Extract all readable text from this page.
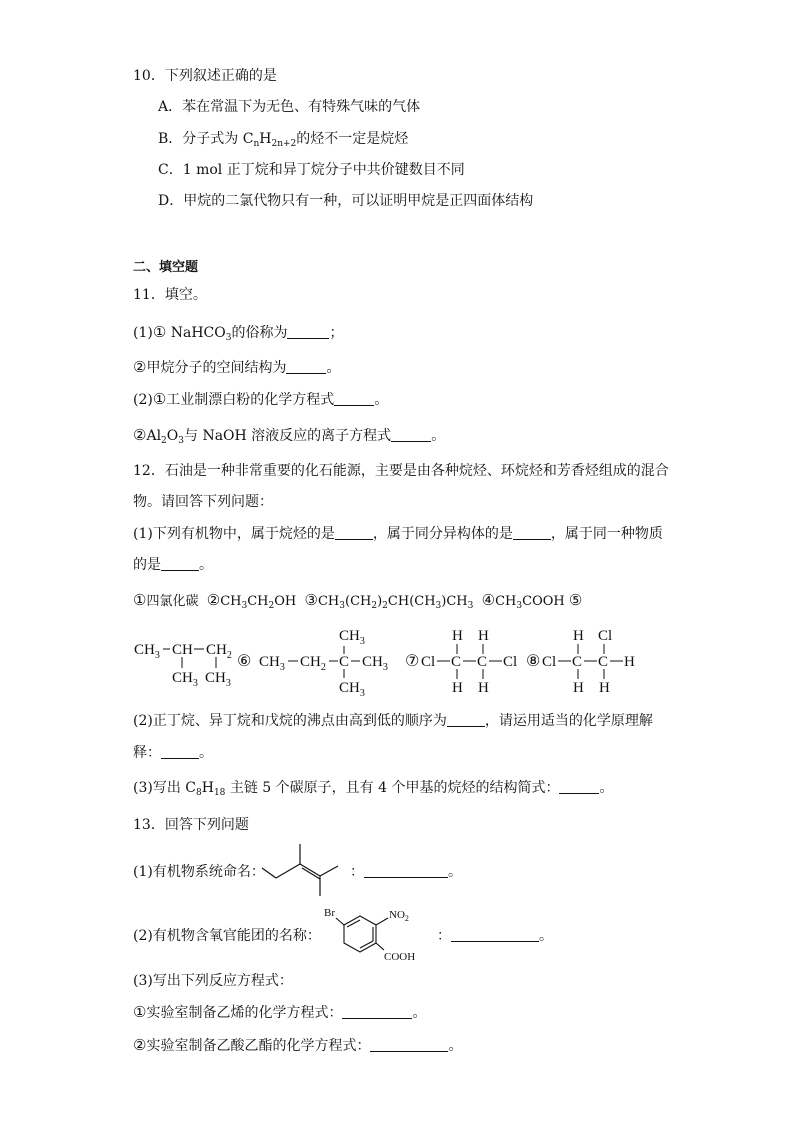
10．下列叙述正确的是
A．苯在常温下为无色、有特殊气味的气体
B．分子式为 $C_nH_{2n+2}$的烃不一定是烷烃
C．1 mol 正丁烷和异丁烷分子中共价键数目不同
D．甲烷的二氯代物只有一种，可以证明甲烷是正四面体结构
二、填空题
11．填空。
(1)① NaHCO$_3$的俗称为	；
②甲烷分子的空间结构为	。
(2)①工业制漂白粉的化学方程式	。
$②Al_2O_3$与 NaOH 溶液反应的离子方程式	。
12．石油是一种非常重要的化石能源，主要是由各种烷烃、环烷烃和芳香烃组成的混合
物。请回答下列问题：
(1)下列有机物中，属于烷烃的是	，属于同分异构体的是	，属于同一种物质
的是	。
①四氯化碳 $②CH_3CH_2OH$ $③CH_3(CH_2)_2CH(CH_3)CH_3$ $④CH_3COOH$ ⑤
$CH_3$ CH $CH_2$
$CH_3$ $CH_3$
⑥ $CH_3$ $CH_2$ C $CH_3$
$CH_3$
$CH_3$
⑦ Cl C C Cl
H H
H H
⑧ Cl C C H
H Cl
H H
(2)正丁烷、异丁烷和戊烷的沸点由高到低的顺序为	，请运用适当的化学原理解
释：	。
(3)写出 $C_8H_{18}$ 主链 5 个碳原子，且有 4 个甲基的烷烃的结构简式：	。
13．回答下列问题
(1)有机物系统命名：	：	。
(2)有机物含氧官能团的名称：
Br	$NO_2$
COOH
：	。
(3)写出下列反应方程式：
①实验室制备乙烯的化学方程式：	。
②实验室制备乙酸乙酯的化学方程式：	。
